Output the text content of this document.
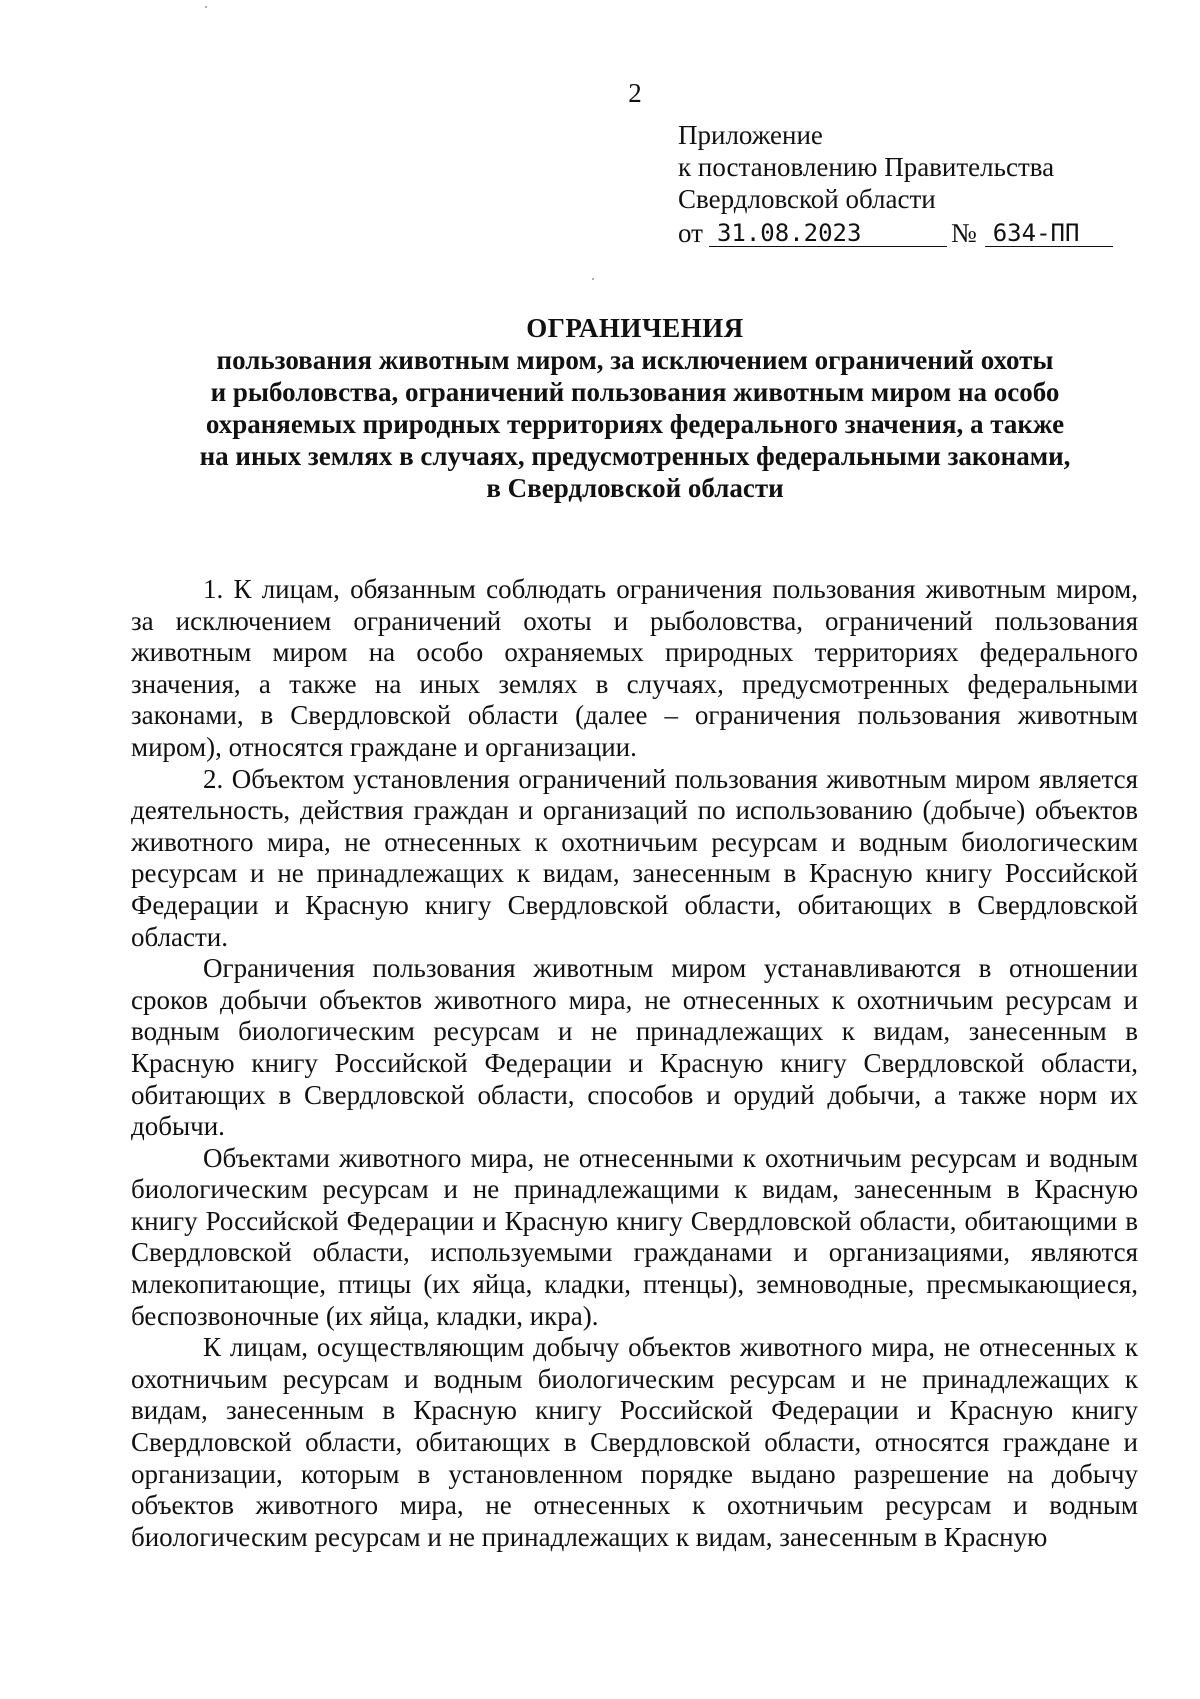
2
Приложение
к постановлению Правительства
Свердловской области
от 31.08.2023	№ 634-ПП
ОГРАНИЧЕНИЯ
пользования животным миром, за исключением ограничений охоты
и рыболовства, ограничений пользования животным миром на особо
охраняемых природных территориях федерального значения, а также
на иных землях в случаях, предусмотренных федеральными законами,
в Свердловской области

1. К лицам, обязанным соблюдать ограничения пользования животным миром, за исключением ограничений охоты и рыболовства, ограничений пользования животным миром на особо охраняемых природных территориях федерального значения, а также на иных землях в случаях, предусмотренных федеральными законами, в Свердловской области (далее – ограничения пользования животным миром), относятся граждане и организации.

2. Объектом установления ограничений пользования животным миром является деятельность, действия граждан и организаций по использованию (добыче) объектов животного мира, не отнесенных к охотничьим ресурсам и водным биологическим ресурсам и не принадлежащих к видам, занесенным в Красную книгу Российской Федерации и Красную книгу Свердловской области, обитающих в Свердловской области.

Ограничения пользования животным миром устанавливаются в отношении сроков добычи объектов животного мира, не отнесенных к охотничьим ресурсам и водным биологическим ресурсам и не принадлежащих к видам, занесенным в Красную книгу Российской Федерации и Красную книгу Свердловской области, обитающих в Свердловской области, способов и орудий добычи, а также норм их добычи.

Объектами животного мира, не отнесенными к охотничьим ресурсам и водным биологическим ресурсам и не принадлежащими к видам, занесенным в Красную книгу Российской Федерации и Красную книгу Свердловской области, обитающими в Свердловской области, используемыми гражданами и организациями, являются млекопитающие, птицы (их яйца, кладки, птенцы), земноводные, пресмыкающиеся, беспозвоночные (их яйца, кладки, икра).

К лицам, осуществляющим добычу объектов животного мира, не отнесенных к охотничьим ресурсам и водным биологическим ресурсам и не принадлежащих к видам, занесенным в Красную книгу Российской Федерации и Красную книгу Свердловской области, обитающих в Свердловской области, относятся граждане и организации, которым в установленном порядке выдано разрешение на добычу объектов животного мира, не отнесенных к охотничьим ресурсам и водным биологическим ресурсам и не принадлежащих к видам, занесенным в Красную
